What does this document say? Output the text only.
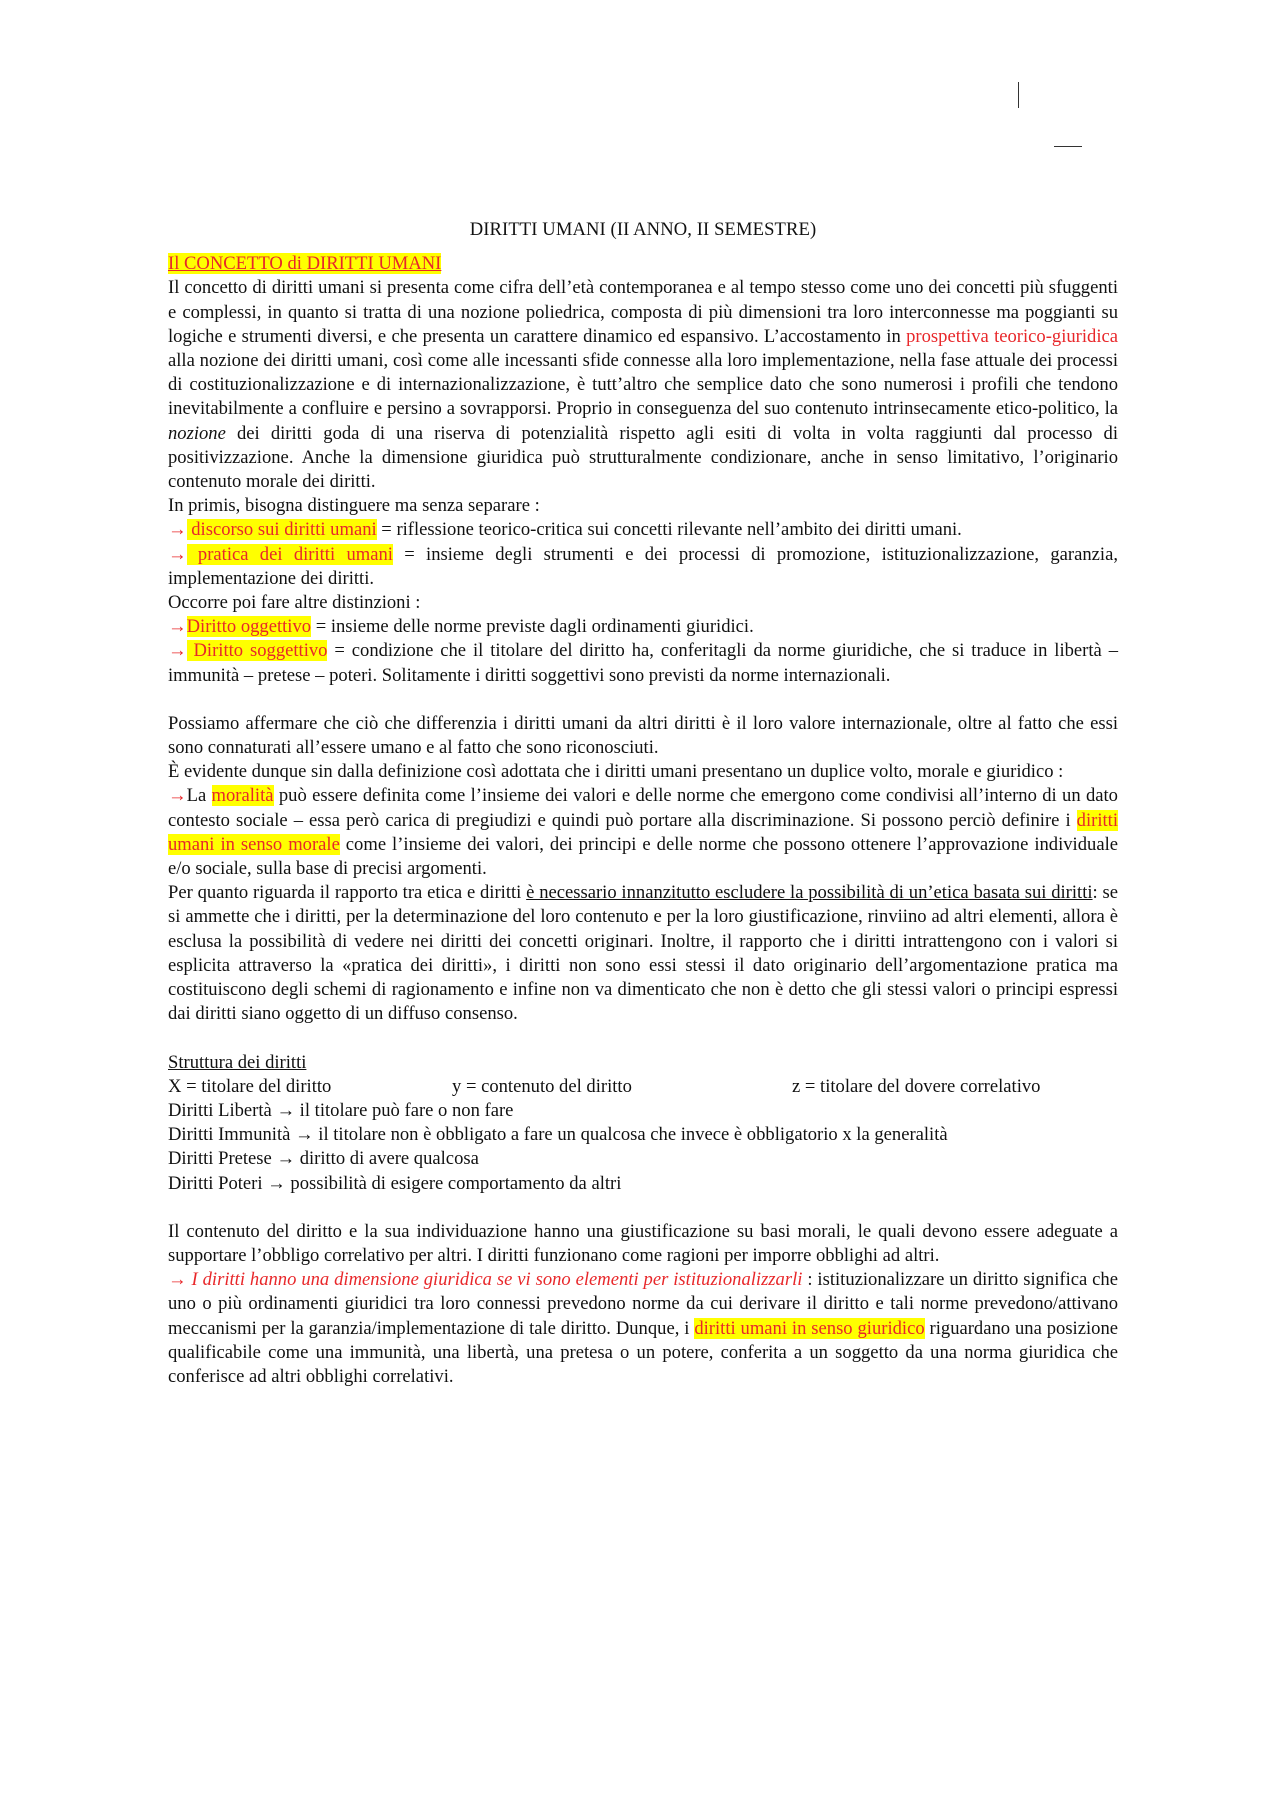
DIRITTI UMANI (II ANNO, II SEMESTRE)

Il CONCETTO di DIRITTI UMANI

Il concetto di diritti umani si presenta come cifra dell’età contemporanea e al tempo stesso come uno dei concetti più sfuggenti e complessi, in quanto si tratta di una nozione poliedrica, composta di più dimensioni tra loro interconnesse ma poggianti su logiche e strumenti diversi, e che presenta un carattere dinamico ed espansivo. L’accostamento in prospettiva teorico-giuridica alla nozione dei diritti umani, così come alle incessanti sfide connesse alla loro implementazione, nella fase attuale dei processi di costituzionalizzazione e di internazionalizzazione, è tutt’altro che semplice dato che sono numerosi i profili che tendono inevitabilmente a confluire e persino a sovrapporsi. Proprio in conseguenza del suo contenuto intrinsecamente etico-politico, la nozione dei diritti goda di una riserva di potenzialità rispetto agli esiti di volta in volta raggiunti dal processo di positivizzazione. Anche la dimensione giuridica può strutturalmente condizionare, anche in senso limitativo, l’originario contenuto morale dei diritti.

In primis, bisogna distinguere ma senza separare :

→ discorso sui diritti umani = riflessione teorico-critica sui concetti rilevante nell’ambito dei diritti umani.

→ pratica dei diritti umani = insieme degli strumenti e dei processi di promozione, istituzionalizzazione, garanzia, implementazione dei diritti.

Occorre poi fare altre distinzioni :

→Diritto oggettivo = insieme delle norme previste dagli ordinamenti giuridici.

→ Diritto soggettivo = condizione che il titolare del diritto ha, conferitagli da norme giuridiche, che si traduce in libertà – immunità – pretese – poteri. Solitamente i diritti soggettivi sono previsti da norme internazionali.

Possiamo affermare che ciò che differenzia i diritti umani da altri diritti è il loro valore internazionale, oltre al fatto che essi sono connaturati all’essere umano e al fatto che sono riconosciuti.

È evidente dunque sin dalla definizione così adottata che i diritti umani presentano un duplice volto, morale e giuridico :

→La moralità può essere definita come l’insieme dei valori e delle norme che emergono come condivisi all’interno di un dato contesto sociale – essa però carica di pregiudizi e quindi può portare alla discriminazione. Si possono perciò definire i diritti umani in senso morale come l’insieme dei valori, dei principi e delle norme che possono ottenere l’approvazione individuale e/o sociale, sulla base di precisi argomenti.

Per quanto riguarda il rapporto tra etica e diritti è necessario innanzitutto escludere la possibilità di un’etica basata sui diritti: se si ammette che i diritti, per la determinazione del loro contenuto e per la loro giustificazione, rinviino ad altri elementi, allora è esclusa la possibilità di vedere nei diritti dei concetti originari. Inoltre, il rapporto che i diritti intrattengono con i valori si esplicita attraverso la «pratica dei diritti», i diritti non sono essi stessi il dato originario dell’argomentazione pratica ma costituiscono degli schemi di ragionamento e infine non va dimenticato che non è detto che gli stessi valori o principi espressi dai diritti siano oggetto di un diffuso consenso.

Struttura dei diritti

X = titolare del diritto	y = contenuto del diritto	z = titolare del dovere correlativo

Diritti Libertà → il titolare può fare o non fare

Diritti Immunità → il titolare non è obbligato a fare un qualcosa che invece è obbligatorio x la generalità

Diritti Pretese → diritto di avere qualcosa

Diritti Poteri → possibilità di esigere comportamento da altri

Il contenuto del diritto e la sua individuazione hanno una giustificazione su basi morali, le quali devono essere adeguate a supportare l’obbligo correlativo per altri. I diritti funzionano come ragioni per imporre obblighi ad altri.

→ I diritti hanno una dimensione giuridica se vi sono elementi per istituzionalizzarli : istituzionalizzare un diritto significa che uno o più ordinamenti giuridici tra loro connessi prevedono norme da cui derivare il diritto e tali norme prevedono/attivano meccanismi per la garanzia/implementazione di tale diritto. Dunque, i diritti umani in senso giuridico riguardano una posizione qualificabile come una immunità, una libertà, una pretesa o un potere, conferita a un soggetto da una norma giuridica che conferisce ad altri obblighi correlativi.
